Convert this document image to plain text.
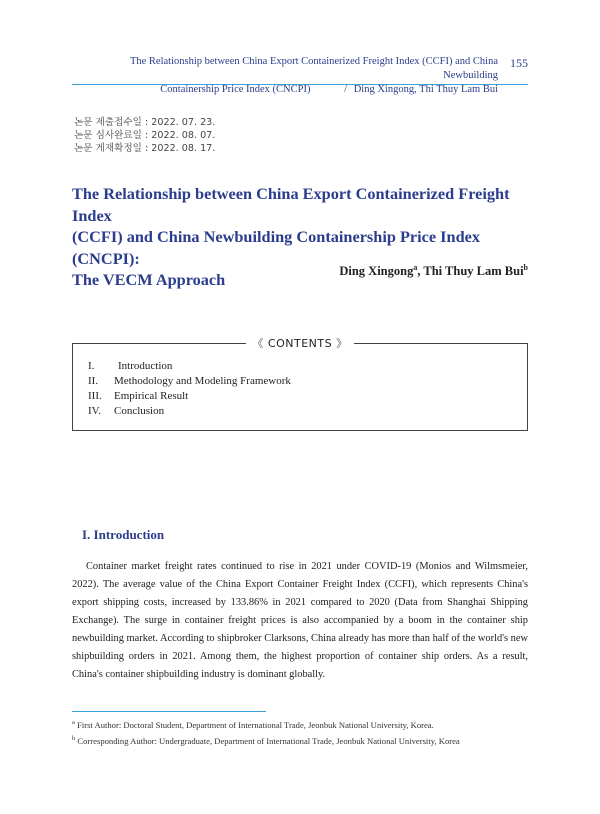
The Relationship between China Export Containerized Freight Index (CCFI) and China Newbuilding
Containership Price Index (CNCPI)	/ Ding Xingong, Thi Thuy Lam Bui
155
논문 제출접수일 : 2022. 07. 23.
논문 심사완료일 : 2022. 08. 07.
논문 게재확정일 : 2022. 08. 17.
The Relationship between China Export Containerized Freight Index
(CCFI) and China Newbuilding Containership Price Index (CNCPI):
The VECM Approach	Ding Xingong$^a$, Thi Thuy Lam Bui$^b$
《 CONTENTS 》
I.	Introduction
II.	Methodology and Modeling Framework
III.	Empirical Result
IV.	Conclusion
I. Introduction

Container market freight rates continued to rise in 2021 under COVID-19 (Monios and Wilmsmeier, 2022). The average value of the China Export Container Freight Index (CCFI), which represents China's export shipping costs, increased by 133.86% in 2021 compared to 2020 (Data from Shanghai Shipping Exchange). The surge in container freight prices is also accompanied by a boom in the container ship newbuilding market. According to shipbroker Clarksons, China already has more than half of the world's new shipbuilding orders in 2021. Among them, the highest proportion of container ship orders. As a result, China's container shipbuilding industry is dominant globally.

$^a$ First Author: Doctoral Student, Department of International Trade, Jeonbuk National University, Korea.
$^b$ Corresponding Author: Undergraduate, Department of International Trade, Jeonbuk National University, Korea
